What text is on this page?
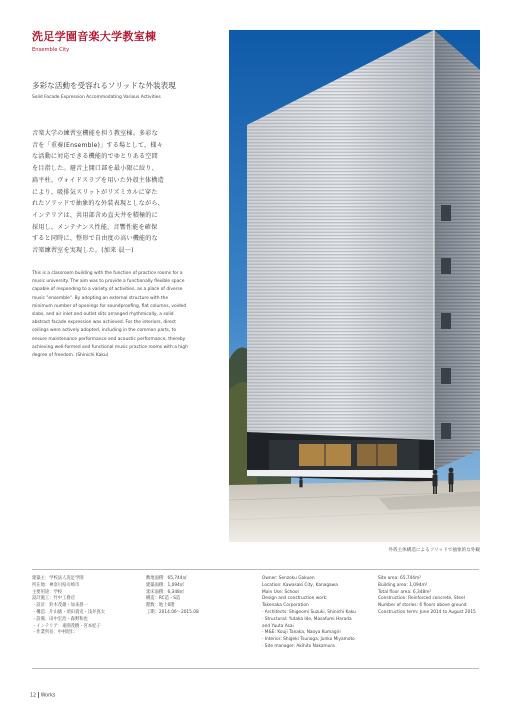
洗足学園音楽大学教室棟
Ensemble City
多彩な活動を受容れるソリッドな外装表現
Solid Facade Expression Accommodating Various Activities
音楽大学の練習室機能を担う教室棟。多彩な
音を「重奏(Ensemble)」する場として、様々
な活動に対応できる機能的でゆとりある空間
を目指した。避音上開口部を最小限に絞り、
扁平柱、ヴォイドスラブを用いた外殻主体構造
により、吸排気スリットがリズミカルに穿た
れたソリッドで抽象的な外装表現としながら、
インテリアは、共用部含め直天井を積極的に
採用し、メンテナンス性能、音響性能を確保
すると同時に、整形で自由度の高い機能的な
音楽練習室を実現した。(加来 晨一)
This is a classroom building with the function of practice rooms for a
music university. The aim was to provide a functionally flexible space
capable of responding to a variety of activities, as a place of diverse
music "ensemble". By adopting an external structure with the
minimum number of openings for soundproofing, flat columns, voided
slabs, and air inlet and outlet slits arranged rhythmically, a solid
abstract facade expression was achieved. For the interiors, direct
ceilings were actively adopted, including in the common parts, to
ensure maintenance performance and acoustic performance, thereby
achieving well-formed and functional music practice rooms with a high
degree of freedom. (Shinichi Kaku)
外殻主体構造によるソリッドで抽象的な外観
建築主：学校法人洗足学園
所在地：神奈川県川崎市
主要用途：学校
設計施工：竹中工務店
・設計：鈴木茂雄・加来晨一
・構造：片山徳・須田貴史・浅井真太
・設備：田中宏治・森野和也
・インテリア：東園茂樹・宮本紀子
・作業所長：中村昭仁
敷地面積：65,744㎡
建築面積：1,094㎡
延床面積：6,348㎡
構造：RC造・S造
階数：地上6階
工期：2014.06〜2015.08
Owner: Senzoku Gakuen
Location: Kawasaki City, Kanagawa
Main Use: School
Design and construction work:
Takenaka Corporation
· Architects: Shigeomi Suzuki, Shinichi Kaku
· Structural: Yutaka Ide, Masafumi Harada
and Yuuta Asai
· M&E: Kouji Tanaka, Naoya Kumagiri
· Interior: Shigeki Tsunoga, Junko Miyamoto
· Site manager: Akihito Nakamura
Site area: 65,744m²
Building area: 1,094m²
Total floor area: 6,348m²
Construction: Reinforced concrete, Steel
Number of stories: 6 floors above ground
Construction term: June 2014 to August 2015
12 Works
